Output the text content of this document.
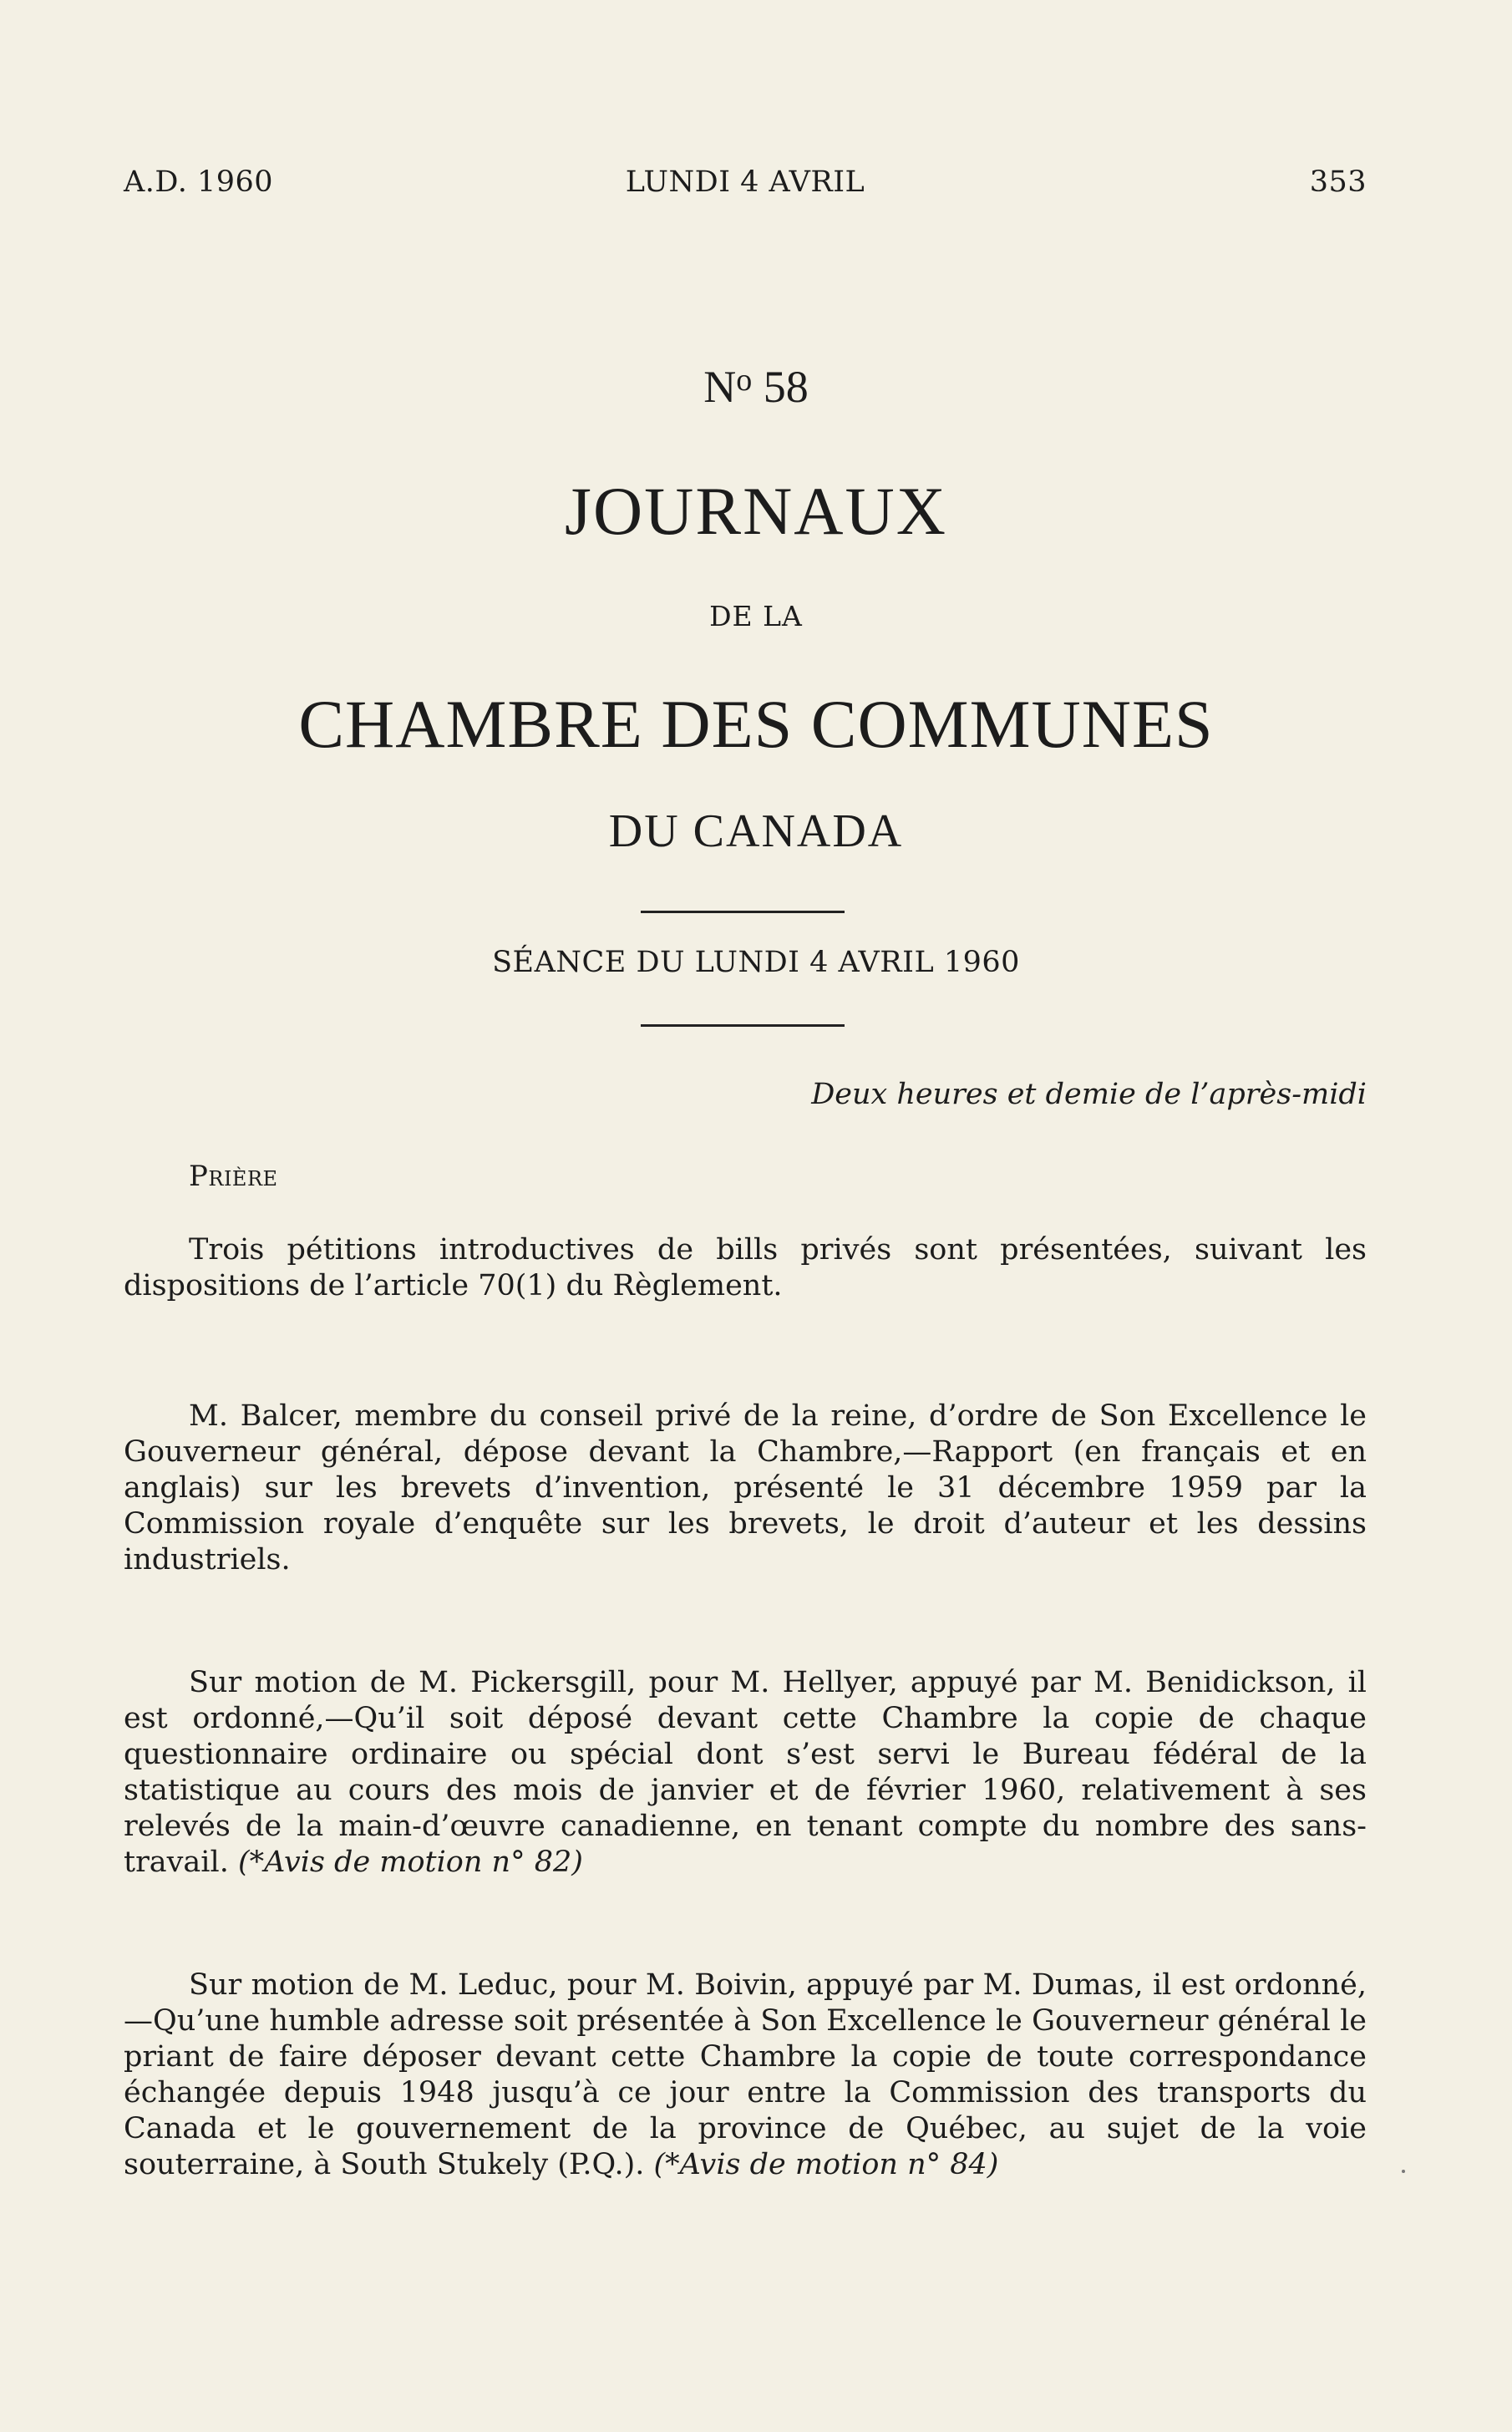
A.D. 1960	LUNDI 4 AVRIL	353
$N^o$ 58
JOURNAUX
DE LA
CHAMBRE DES COMMUNES
DU CANADA
SÉANCE DU LUNDI 4 AVRIL 1960
Deux heures et demie de l’après-midi
Prière

Trois pétitions introductives de bills privés sont présentées, suivant les dispositions de l’article 70(1) du Règlement.

M. Balcer, membre du conseil privé de la reine, d’ordre de Son Excellence le Gouverneur général, dépose devant la Chambre,—Rapport (en français et en anglais) sur les brevets d’invention, présenté le 31 décembre 1959 par la Commission royale d’enquête sur les brevets, le droit d’auteur et les dessins industriels.

Sur motion de M. Pickersgill, pour M. Hellyer, appuyé par M. Benidickson, il est ordonné,—Qu’il soit déposé devant cette Chambre la copie de chaque questionnaire ordinaire ou spécial dont s’est servi le Bureau fédéral de la statistique au cours des mois de janvier et de février 1960, relativement à ses relevés de la main-d’œuvre canadienne, en tenant compte du nombre des sans-travail. (*Avis de motion n° 82)

Sur motion de M. Leduc, pour M. Boivin, appuyé par M. Dumas, il est ordonné,—Qu’une humble adresse soit présentée à Son Excellence le Gouverneur général le priant de faire déposer devant cette Chambre la copie de toute correspondance échangée depuis 1948 jusqu’à ce jour entre la Commission des transports du Canada et le gouvernement de la province de Québec, au sujet de la voie souterraine, à South Stukely (P.Q.). (*Avis de motion n° 84)
